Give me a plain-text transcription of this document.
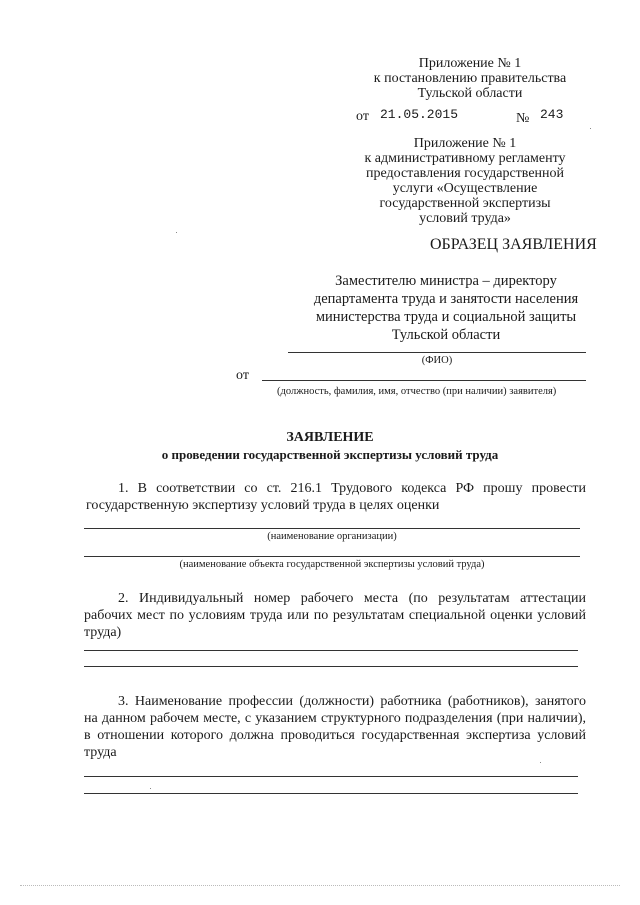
Приложение № 1
к постановлению правительства
Тульской области
от 21.05.2015	№ 243
Приложение № 1
к административному регламенту
предоставления государственной
услуги «Осуществление
государственной экспертизы
условий труда»
ОБРАЗЕЦ ЗАЯВЛЕНИЯ
Заместителю министра – директору
департамента труда и занятости населения
министерства труда и социальной защиты
Тульской области
(ФИО)
от
(должность, фамилия, имя, отчество (при наличии) заявителя)
ЗАЯВЛЕНИЕ
о проведении государственной экспертизы условий труда
1. В соответствии со ст. 216.1 Трудового кодекса РФ прошу провести
государственную экспертизу условий труда в целях оценки
(наименование организации)
(наименование объекта государственной экспертизы условий труда)
2. Индивидуальный номер рабочего места (по результатам аттестации
рабочих мест по условиям труда или по результатам специальной оценки условий
труда)
3. Наименование профессии (должности) работника (работников), занятого
на данном рабочем месте, с указанием структурного подразделения (при наличии),
в отношении которого должна проводиться государственная экспертиза условий
труда
